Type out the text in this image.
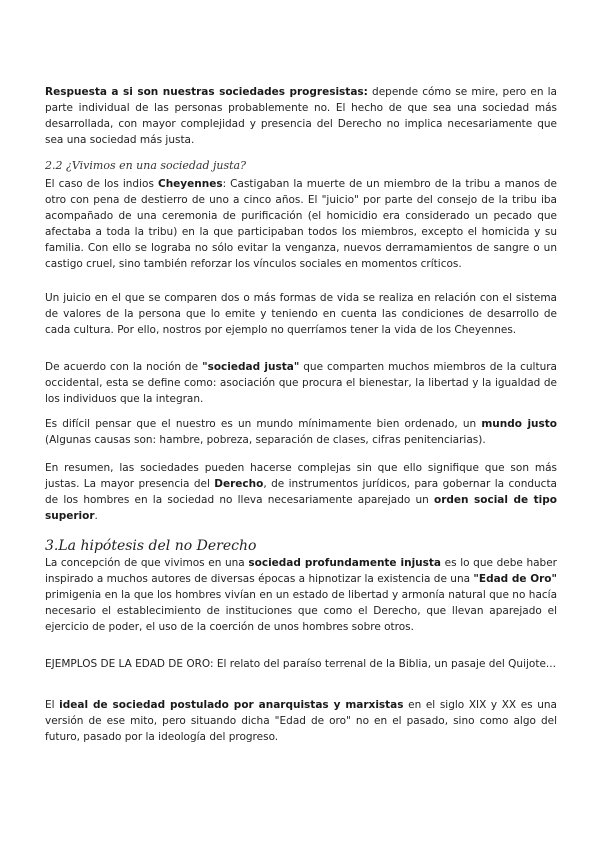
Respuesta a si son nuestras sociedades progresistas: depende cómo se mire, pero en la parte individual de las personas probablemente no. El hecho de que sea una sociedad más desarrollada, con mayor complejidad y presencia del Derecho no implica necesariamente que sea una sociedad más justa.

2.2 ¿Vivimos en una sociedad justa?

El caso de los indios Cheyennes: Castigaban la muerte de un miembro de la tribu a manos de otro con pena de destierro de uno a cinco años. El "juicio" por parte del consejo de la tribu iba acompañado de una ceremonia de purificación (el homicidio era considerado un pecado que afectaba a toda la tribu) en la que participaban todos los miembros, excepto el homicida y su familia. Con ello se lograba no sólo evitar la venganza, nuevos derramamientos de sangre o un castigo cruel, sino también reforzar los vínculos sociales en momentos críticos.

Un juicio en el que se comparen dos o más formas de vida se realiza en relación con el sistema de valores de la persona que lo emite y teniendo en cuenta las condiciones de desarrollo de cada cultura. Por ello, nostros por ejemplo no querríamos tener la vida de los Cheyennes.

De acuerdo con la noción de "sociedad justa" que comparten muchos miembros de la cultura occidental, esta se define como: asociación que procura el bienestar, la libertad y la igualdad de los individuos que la integran.

Es difícil pensar que el nuestro es un mundo mínimamente bien ordenado, un mundo justo (Algunas causas son: hambre, pobreza, separación de clases, cifras penitenciarias).

En resumen, las sociedades pueden hacerse complejas sin que ello signifique que son más justas. La mayor presencia del Derecho, de instrumentos jurídicos, para gobernar la conducta de los hombres en la sociedad no lleva necesariamente aparejado un orden social de tipo superior.

3.La hipótesis del no Derecho

La concepción de que vivimos en una sociedad profundamente injusta es lo que debe haber inspirado a muchos autores de diversas épocas a hipnotizar la existencia de una "Edad de Oro" primigenia en la que los hombres vivían en un estado de libertad y armonía natural que no hacía necesario el establecimiento de instituciones que como el Derecho, que llevan aparejado el ejercicio de poder, el uso de la coerción de unos hombres sobre otros.

EJEMPLOS DE LA EDAD DE ORO: El relato del paraíso terrenal de la Biblia, un pasaje del Quijote...

El ideal de sociedad postulado por anarquistas y marxistas en el siglo XIX y XX es una versión de ese mito, pero situando dicha "Edad de oro" no en el pasado, sino como algo del futuro, pasado por la ideología del progreso.
